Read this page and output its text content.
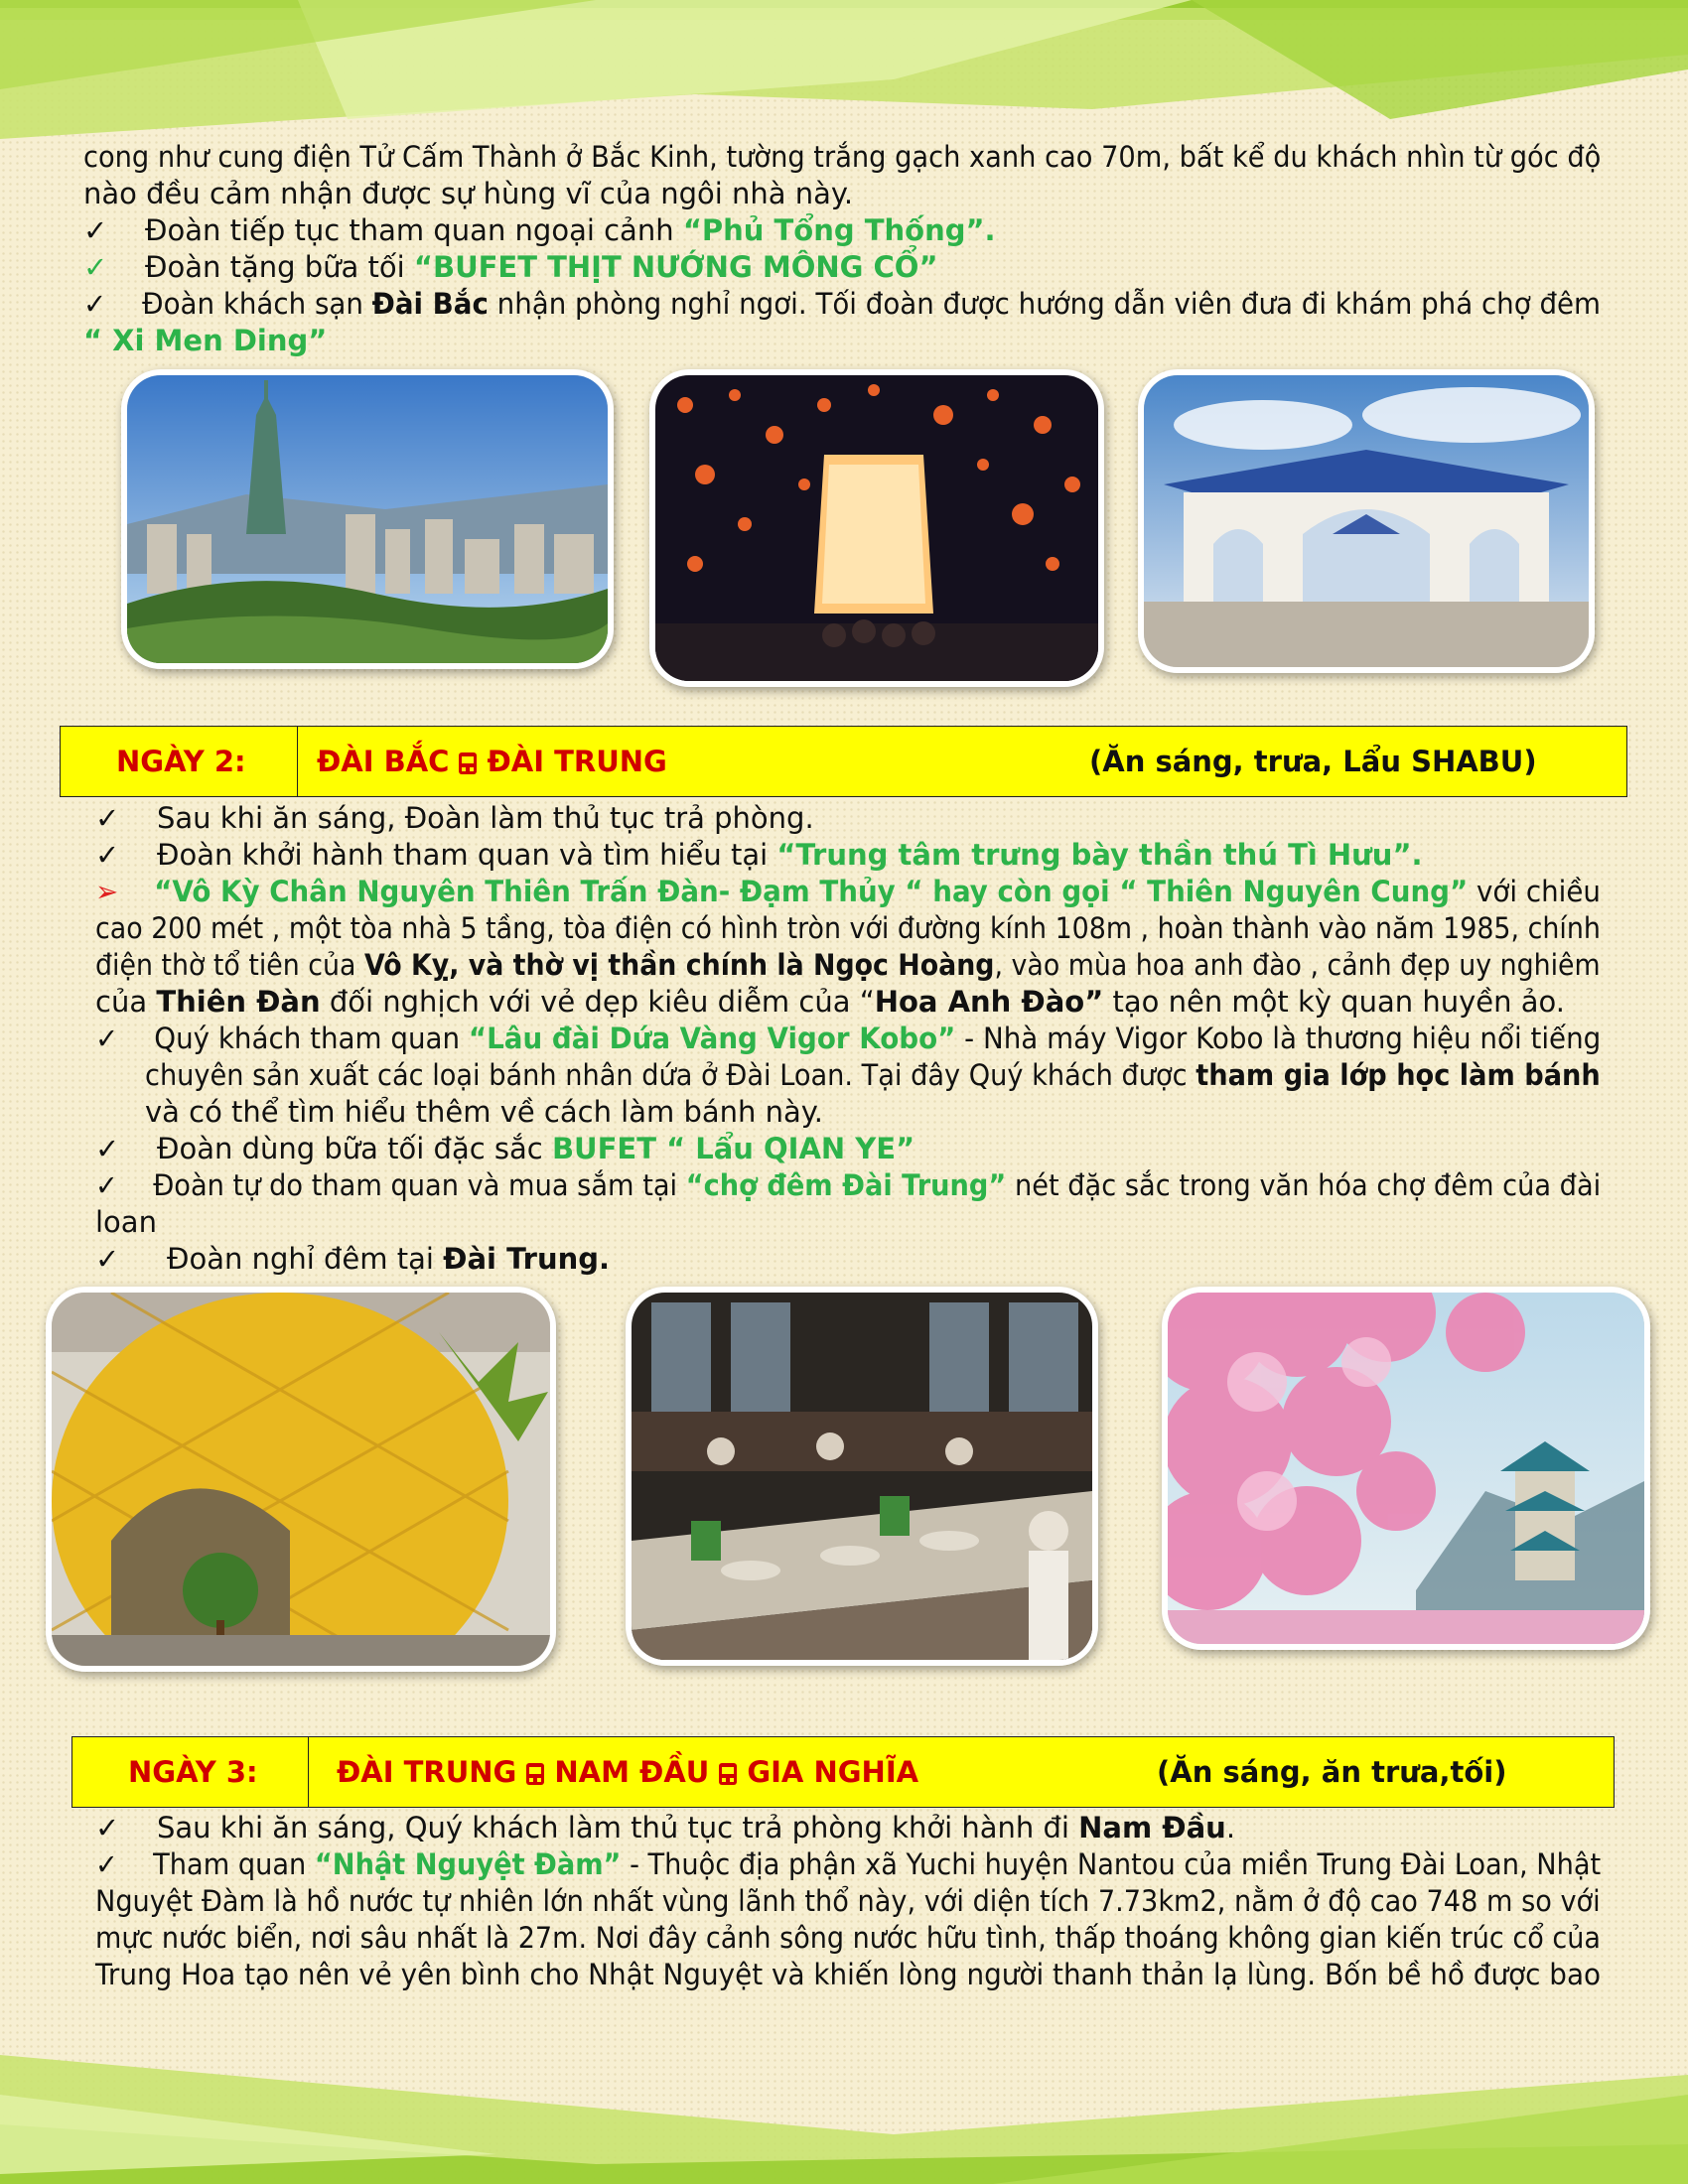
cong như cung điện Tử Cấm Thành ở Bắc Kinh, tường trắng gạch xanh cao 70m, bất kể du khách nhìn từ góc độ
nào đều cảm nhận được sự hùng vĩ của ngôi nhà này.
✓ Đoàn tiếp tục tham quan ngoại cảnh “Phủ Tổng Thống”.
✓ Đoàn tặng bữa tối “BUFET THỊT NƯỚNG MÔNG CỔ”
✓ Đoàn khách sạn Đài Bắc nhận phòng nghỉ ngơi. Tối đoàn được hướng dẫn viên đưa đi khám phá chợ đêm
“ Xi Men Ding”
NGÀY 2: ĐÀI BẮC ĐÀI TRUNG	(Ăn sáng, trưa, Lẩu SHABU)
✓ Sau khi ăn sáng, Đoàn làm thủ tục trả phòng.
✓ Đoàn khởi hành tham quan và tìm hiểu tại “Trung tâm trưng bày thần thú Tì Hưu”.
➢ “Vô Kỳ Chân Nguyên Thiên Trấn Đàn- Đạm Thủy “ hay còn gọi “ Thiên Nguyên Cung” với chiều
cao 200 mét , một tòa nhà 5 tầng, tòa điện có hình tròn với đường kính 108m , hoàn thành vào năm 1985, chính
điện thờ tổ tiên của Vô Kỵ, và thờ vị thần chính là Ngọc Hoàng, vào mùa hoa anh đào , cảnh đẹp uy nghiêm
của Thiên Đàn đối nghịch với vẻ dẹp kiêu diễm của “Hoa Anh Đào” tạo nên một kỳ quan huyền ảo.
✓ Quý khách tham quan “Lâu đài Dứa Vàng Vigor Kobo” - Nhà máy Vigor Kobo là thương hiệu nổi tiếng
chuyên sản xuất các loại bánh nhân dứa ở Đài Loan. Tại đây Quý khách được tham gia lớp học làm bánh
và có thể tìm hiểu thêm về cách làm bánh này.
✓ Đoàn dùng bữa tối đặc sắc BUFET “ Lẩu QIAN YE”
✓ Đoàn tự do tham quan và mua sắm tại “chợ đêm Đài Trung” nét đặc sắc trong văn hóa chợ đêm của đài
loan
✓ Đoàn nghỉ đêm tại Đài Trung.
NGÀY 3:	ĐÀI TRUNG NAM ĐẦU GIA NGHĨA	(Ăn sáng, ăn trưa,tối)
✓ Sau khi ăn sáng, Quý khách làm thủ tục trả phòng khởi hành đi Nam Đầu.
✓ Tham quan “Nhật Nguyệt Đàm” - Thuộc địa phận xã Yuchi huyện Nantou của miền Trung Đài Loan, Nhật
Nguyệt Đàm là hồ nước tự nhiên lớn nhất vùng lãnh thổ này, với diện tích 7.73km2, nằm ở độ cao 748 m so với
mực nước biển, nơi sâu nhất là 27m. Nơi đây cảnh sông nước hữu tình, thấp thoáng không gian kiến trúc cổ của
Trung Hoa tạo nên vẻ yên bình cho Nhật Nguyệt và khiến lòng người thanh thản lạ lùng. Bốn bề hồ được bao
